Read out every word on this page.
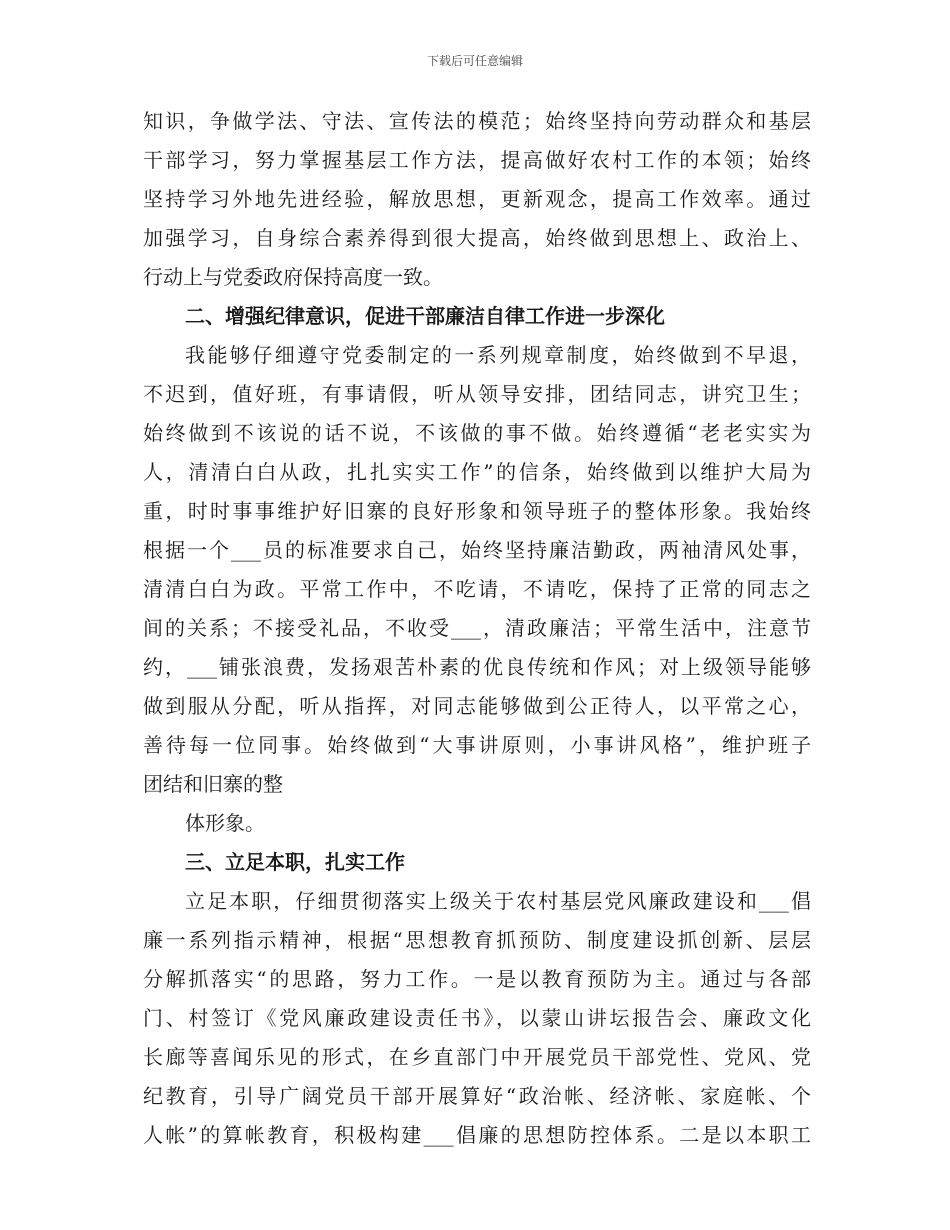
下载后可任意编辑

知识，争做学法、守法、宣传法的模范；始终坚持向劳动群众和基层

干部学习，努力掌握基层工作方法，提高做好农村工作的本领；始终

坚持学习外地先进经验，解放思想，更新观念，提高工作效率。通过

加强学习，自身综合素养得到很大提高，始终做到思想上、政治上、

行动上与党委政府保持高度一致。

二、增强纪律意识，促进干部廉洁自律工作进一步深化

我能够仔细遵守党委制定的一系列规章制度，始终做到不早退，

不迟到，值好班，有事请假，听从领导安排，团结同志，讲究卫生；

始终做到不该说的话不说，不该做的事不做。始终遵循“老老实实为

人，清清白白从政，扎扎实实工作”的信条，始终做到以维护大局为

重，时时事事维护好旧寨的良好形象和领导班子的整体形象。我始终

根据一个___员的标准要求自己，始终坚持廉洁勤政，两袖清风处事，

清清白白为政。平常工作中，不吃请，不请吃，保持了正常的同志之

间的关系；不接受礼品，不收受___，清政廉洁；平常生活中，注意节

约，___铺张浪费，发扬艰苦朴素的优良传统和作风；对上级领导能够

做到服从分配，听从指挥，对同志能够做到公正待人，以平常之心，

善待每一位同事。始终做到“大事讲原则，小事讲风格”，维护班子

团结和旧寨的整

体形象。

三、立足本职，扎实工作

立足本职，仔细贯彻落实上级关于农村基层党风廉政建设和___倡

廉一系列指示精神，根据“思想教育抓预防、制度建设抓创新、层层

分解抓落实“的思路，努力工作。一是以教育预防为主。通过与各部

门、村签订《党风廉政建设责任书》，以蒙山讲坛报告会、廉政文化

长廊等喜闻乐见的形式，在乡直部门中开展党员干部党性、党风、党

纪教育，引导广阔党员干部开展算好“政治帐、经济帐、家庭帐、个

人帐”的算帐教育，积极构建___倡廉的思想防控体系。二是以本职工
